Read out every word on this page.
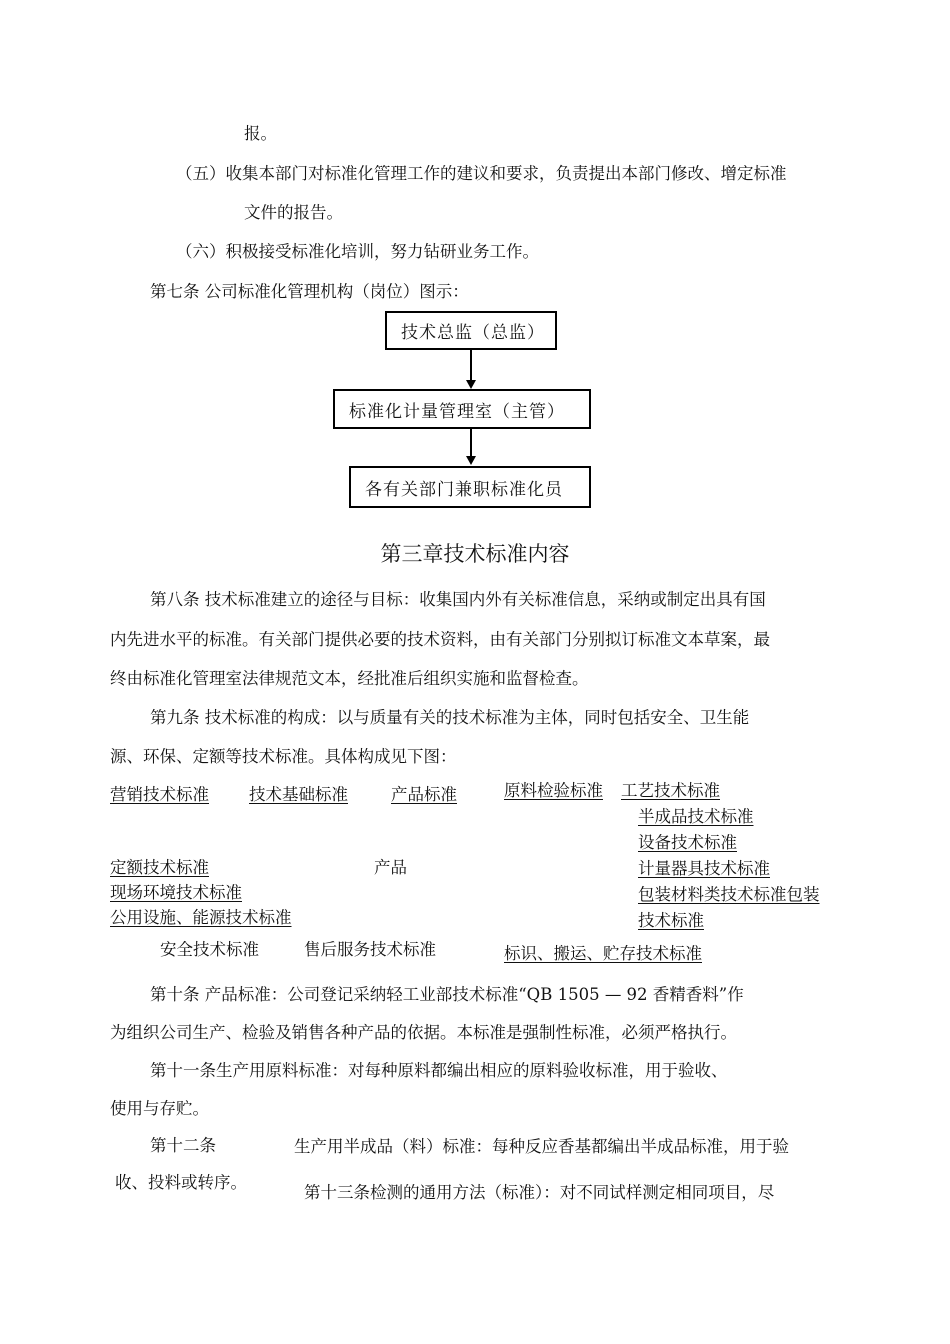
报。
（五）收集本部门对标准化管理工作的建议和要求，负责提出本部门修改、增定标准
文件的报告。
（六）积极接受标准化培训，努力钻研业务工作。
第七条 公司标准化管理机构（岗位）图示：
技术总监（总监）
标准化计量管理室（主管）
各有关部门兼职标准化员
第三章技术标准内容
第八条 技术标准建立的途径与目标：收集国内外有关标准信息，采纳或制定出具有国
内先进水平的标准。有关部门提供必要的技术资料，由有关部门分别拟订标准文本草案，最
终由标准化管理室法律规范文本，经批准后组织实施和监督检查。
第九条 技术标准的构成：以与质量有关的技术标准为主体，同时包括安全、卫生能
源、环保、定额等技术标准。具体构成见下图：
营销技术标准 技术基础标准	产品标准	原料检验标准 工艺技术标准
半成品技术标准
设备技术标准
定额技术标准	产品	计量器具技术标准
现场环境技术标准	包装材料类技术标准包装
公用设施、能源技术标准	技术标准
安全技术标准	售后服务技术标准	标识、搬运、贮存技术标准
第十条 产品标准：公司登记采纳轻工业部技术标准“QB 1505 — 92 香精香料”作
为组织公司生产、检验及销售各种产品的依据。本标准是强制性标准，必须严格执行。
第十一条生产用原料标准：对每种原料都编出相应的原料验收标准，用于验收、
使用与存贮。
第十二条	生产用半成品（料）标准：每种反应香基都编出半成品标准，用于验
收、投料或转序。
第十三条检测的通用方法（标准）：对不同试样测定相同项目，尽
